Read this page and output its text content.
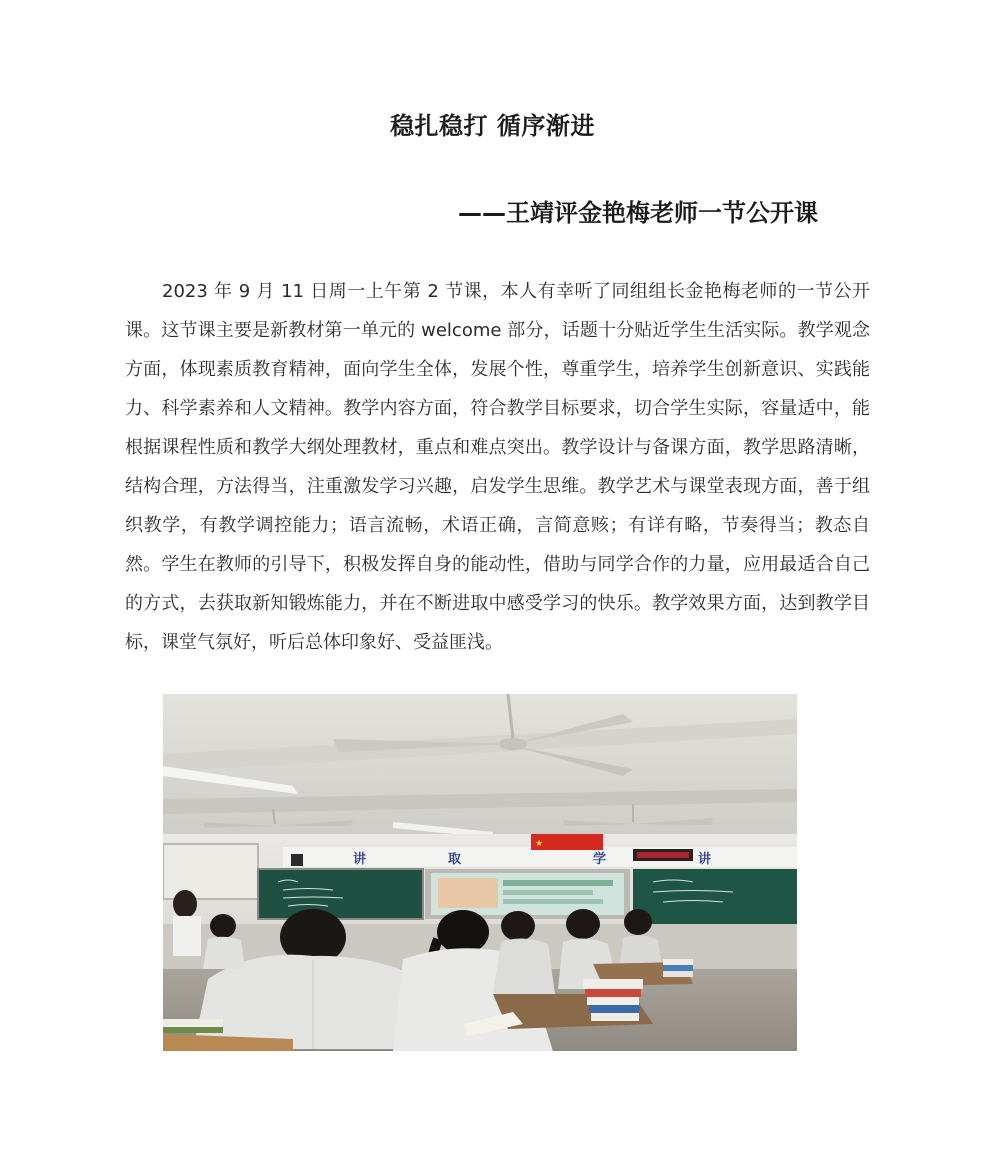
稳扎稳打 循序渐进
——王靖评金艳梅老师一节公开课

2023 年 9 月 11 日周一上午第 2 节课，本人有幸听了同组组长金艳梅老师的一节公开课。这节课主要是新教材第一单元的 welcome 部分，话题十分贴近学生生活实际。教学观念方面，体现素质教育精神，面向学生全体，发展个性，尊重学生，培养学生创新意识、实践能力、科学素养和人文精神。教学内容方面，符合教学目标要求，切合学生实际，容量适中，能根据课程性质和教学大纲处理教材，重点和难点突出。教学设计与备课方面，教学思路清晰，结构合理，方法得当，注重激发学习兴趣，启发学生思维。教学艺术与课堂表现方面，善于组织教学，有教学调控能力；语言流畅，术语正确，言简意赅；有详有略，节奏得当；教态自然。学生在教师的引导下，积极发挥自身的能动性，借助与同学合作的力量，应用最适合自己的方式，去获取新知锻炼能力，并在不断进取中感受学习的快乐。教学效果方面，达到教学目标，课堂气氛好，听后总体印象好、受益匪浅。

讲	取	学	讲
★
